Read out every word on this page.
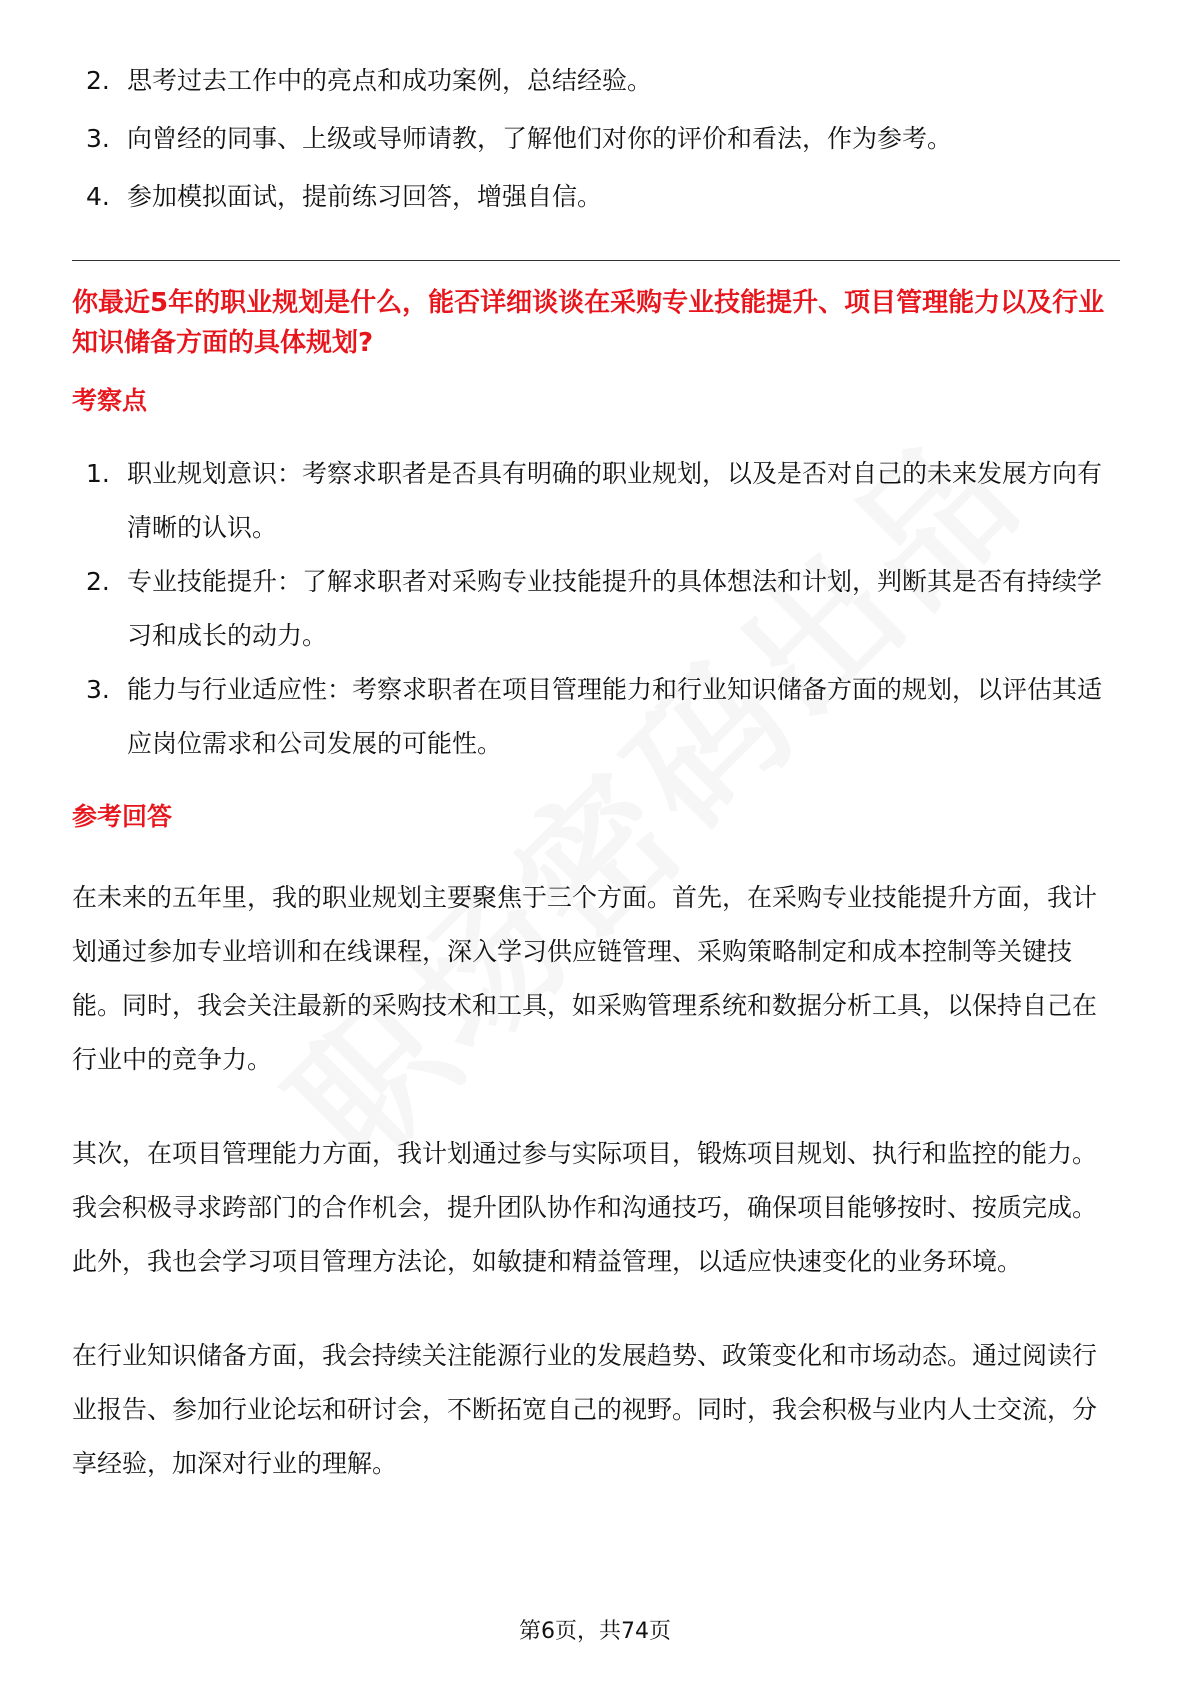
2. 思考过去工作中的亮点和成功案例，总结经验。
3. 向曾经的同事、上级或导师请教，了解他们对你的评价和看法，作为参考。
4. 参加模拟面试，提前练习回答，增强自信。
你最近5年的职业规划是什么，能否详细谈谈在采购专业技能提升、项目管理能力以及行业知识储备方面的具体规划?
考察点
1. 职业规划意识：考察求职者是否具有明确的职业规划，以及是否对自己的未来发展方向有清晰的认识。
2. 专业技能提升：了解求职者对采购专业技能提升的具体想法和计划，判断其是否有持续学习和成长的动力。
3. 能力与行业适应性：考察求职者在项目管理能力和行业知识储备方面的规划，以评估其适应岗位需求和公司发展的可能性。
参考回答

在未来的五年里，我的职业规划主要聚焦于三个方面。首先，在采购专业技能提升方面，我计划通过参加专业培训和在线课程，深入学习供应链管理、采购策略制定和成本控制等关键技能。同时，我会关注最新的采购技术和工具，如采购管理系统和数据分析工具，以保持自己在行业中的竞争力。

其次，在项目管理能力方面，我计划通过参与实际项目，锻炼项目规划、执行和监控的能力。我会积极寻求跨部门的合作机会，提升团队协作和沟通技巧，确保项目能够按时、按质完成。此外，我也会学习项目管理方法论，如敏捷和精益管理，以适应快速变化的业务环境。

在行业知识储备方面，我会持续关注能源行业的发展趋势、政策变化和市场动态。通过阅读行业报告、参加行业论坛和研讨会，不断拓宽自己的视野。同时，我会积极与业内人士交流，分享经验，加深对行业的理解。

第6页，共74页
